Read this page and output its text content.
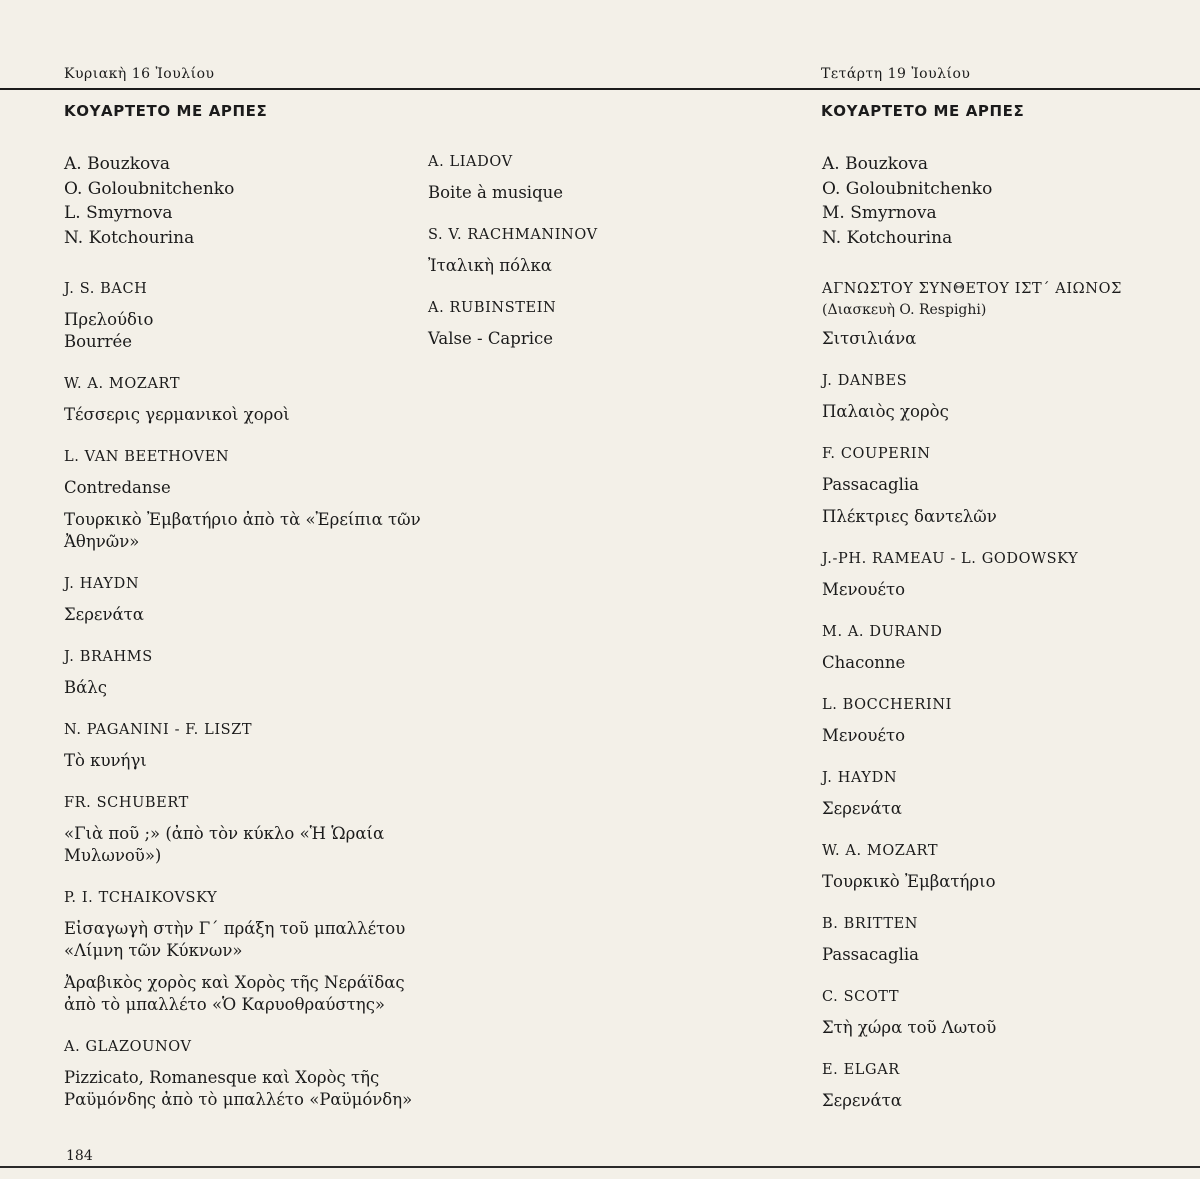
Κυριακὴ 16 Ἰουλίου	Τετάρτη 19 Ἰουλίου
ΚΟΥΑΡΤΕΤΟ ΜΕ ΑΡΠΕΣ	ΚΟΥΑΡΤΕΤΟ ΜΕ ΑΡΠΕΣ
A. Bouzkova
O. Goloubnitchenko
L. Smyrnova
N. Kotchourina
J. S. BACH
Πρελούδιο
Bourrée
W. A. MOZART
Τέσσερις γερμανικοὶ χοροὶ
L. VAN BEETHOVEN
Contredanse
Τουρκικὸ Ἐμβατήριο ἀπὸ τὰ «Ἐρείπια τῶν Ἀθηνῶν»
J. HAYDN
Σερενάτα
J. BRAHMS
Βάλς
N. PAGANINI - F. LISZT
Τὸ κυνήγι
FR. SCHUBERT
«Γιὰ ποῦ ;» (ἀπὸ τὸν κύκλο «Ἡ Ὡραία Μυλωνοῦ»)
P. I. TCHAIKOVSKY
Εἰσαγωγὴ στὴν Γ΄ πράξη τοῦ μπαλλέτου «Λίμνη τῶν Κύκνων»
Ἀραβικὸς χορὸς καὶ Χορὸς τῆς Νεράϊδας ἀπὸ τὸ μπαλλέτο «Ὁ Καρυοθραύστης»
A. GLAZOUNOV
Pizzicato, Romanesque καὶ Χορὸς τῆς Ραϋμόνδης ἀπὸ τὸ μπαλλέτο «Ραϋμόνδη»
A. LIADOV
Boite à musique
S. V. RACHMANINOV
Ἰταλικὴ πόλκα
A. RUBINSTEIN
Valse - Caprice
A. Bouzkova
O. Goloubnitchenko
M. Smyrnova
N. Kotchourina
ΑΓΝΩΣΤΟΥ ΣΥΝΘΕΤΟΥ ΙΣΤ΄ ΑΙΩΝΟΣ
(Διασκευὴ O. Respighi)
Σιτσιλιάνα
J. DANBES
Παλαιὸς χορὸς
F. COUPERIN
Passacaglia
Πλέκτριες δαντελῶν
J.-PH. RAMEAU - L. GODOWSKY
Μενουέτο
M. A. DURAND
Chaconne
L. BOCCHERINI
Μενουέτο
J. HAYDN
Σερενάτα
W. A. MOZART
Τουρκικὸ Ἐμβατήριο
B. BRITTEN
Passacaglia
C. SCOTT
Στὴ χώρα τοῦ Λωτοῦ
E. ELGAR
Σερενάτα
184
